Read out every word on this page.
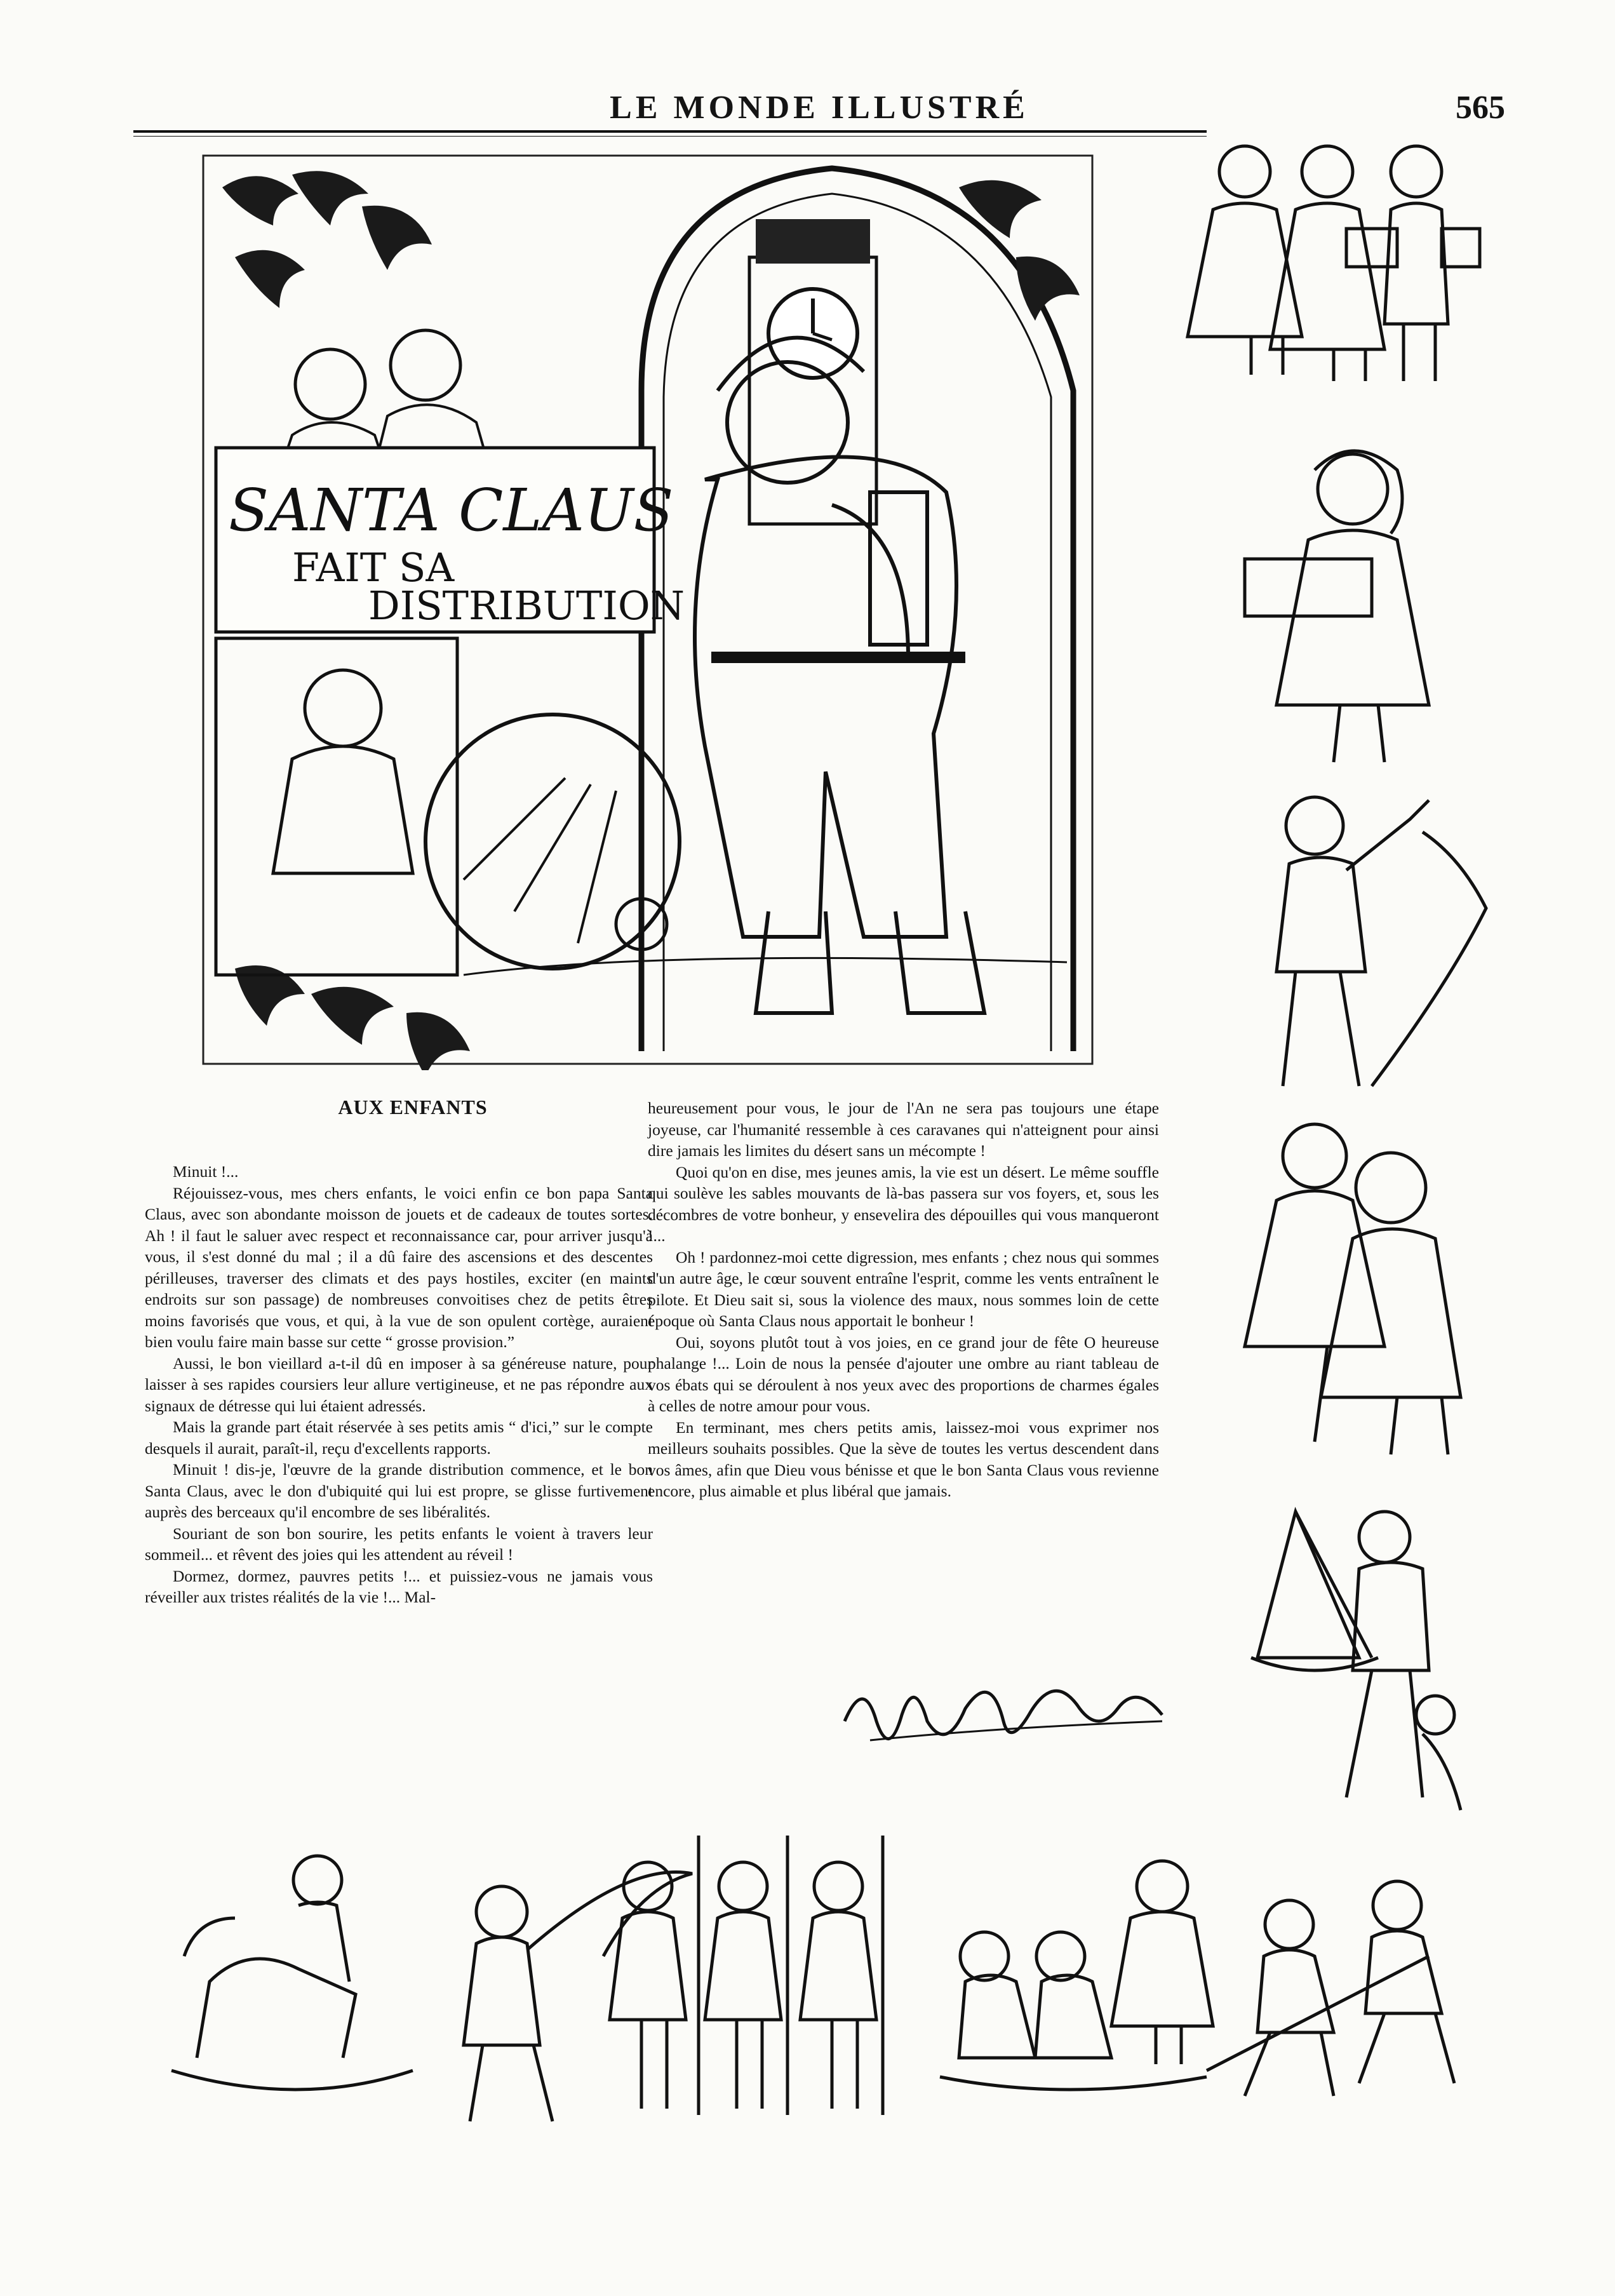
LE MONDE ILLUSTRÉ	565
SANTA CLAUS
FAIT SA
DISTRIBUTION
AUX ENFANTS

Minuit !...

Réjouissez-vous, mes chers enfants, le voici enfin ce bon papa Santa Claus, avec son abondante moisson de jouets et de cadeaux de toutes sortes. Ah ! il faut le saluer avec respect et reconnaissance car, pour arriver jusqu'à vous, il s'est donné du mal ; il a dû faire des ascensions et des descentes périlleuses, traverser des climats et des pays hostiles, exciter (en maints endroits sur son passage) de nombreuses convoitises chez de petits êtres moins favorisés que vous, et qui, à la vue de son opulent cortège, auraient bien voulu faire main basse sur cette “ grosse provision.”

Aussi, le bon vieillard a-t-il dû en imposer à sa généreuse nature, pour laisser à ses rapides coursiers leur allure vertigineuse, et ne pas répondre aux signaux de détresse qui lui étaient adressés.

Mais la grande part était réservée à ses petits amis “ d'ici,” sur le compte desquels il aurait, paraît-il, reçu d'excellents rapports.

Minuit ! dis-je, l'œuvre de la grande distribution commence, et le bon Santa Claus, avec le don d'ubiquité qui lui est propre, se glisse furtivement auprès des berceaux qu'il encombre de ses libéralités.

Souriant de son bon sourire, les petits enfants le voient à travers leur sommeil... et rêvent des joies qui les attendent au réveil !

Dormez, dormez, pauvres petits !... et puissiez-vous ne jamais vous réveiller aux tristes réalités de la vie !... Mal-

heureusement pour vous, le jour de l'An ne sera pas toujours une étape joyeuse, car l'humanité ressemble à ces caravanes qui n'atteignent pour ainsi dire jamais les limites du désert sans un mécompte !

Quoi qu'on en dise, mes jeunes amis, la vie est un désert. Le même souffle qui soulève les sables mouvants de là-bas passera sur vos foyers, et, sous les décombres de votre bonheur, y ensevelira des dépouilles qui vous manqueront !...

Oh ! pardonnez-moi cette digression, mes enfants ; chez nous qui sommes d'un autre âge, le cœur souvent entraîne l'esprit, comme les vents entraînent le pilote. Et Dieu sait si, sous la violence des maux, nous sommes loin de cette époque où Santa Claus nous apportait le bonheur !

Oui, soyons plutôt tout à vos joies, en ce grand jour de fête O heureuse phalange !... Loin de nous la pensée d'ajouter une ombre au riant tableau de vos ébats qui se déroulent à nos yeux avec des proportions de charmes égales à celles de notre amour pour vous.

En terminant, mes chers petits amis, laissez-moi vous exprimer nos meilleurs souhaits possibles. Que la sève de toutes les vertus descendent dans vos âmes, afin que Dieu vous bénisse et que le bon Santa Claus vous revienne encore, plus aimable et plus libéral que jamais.
